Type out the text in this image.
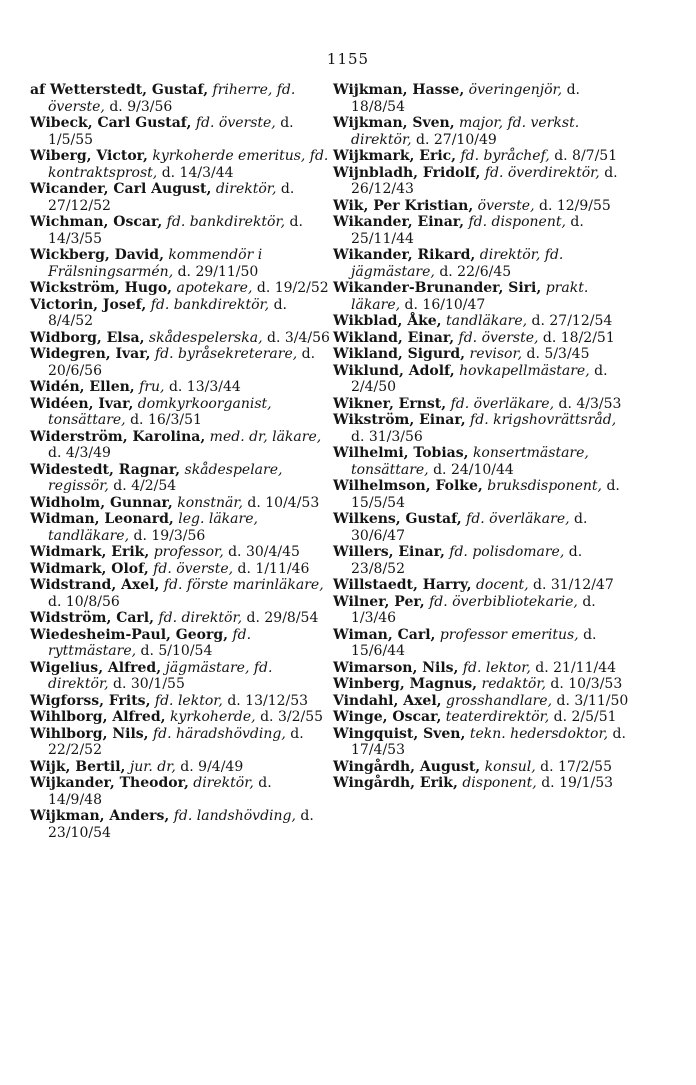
1155
af Wetterstedt, Gustaf, friherre, fd. överste, d. 9/3/56
Wibeck, Carl Gustaf, fd. överste, d. 1/5/55
Wiberg, Victor, kyrkoherde emeritus, fd. kontraktsprost, d. 14/3/44
Wicander, Carl August, direktör, d. 27/12/52
Wichman, Oscar, fd. bankdirektör, d. 14/3/55
Wickberg, David, kommendör i Frälsningsarmén, d. 29/11/50
Wickström, Hugo, apotekare, d. 19/2/52
Victorin, Josef, fd. bankdirektör, d. 8/4/52
Widborg, Elsa, skådespelerska, d. 3/4/56
Widegren, Ivar, fd. byråsekreterare, d. 20/6/56
Widén, Ellen, fru, d. 13/3/44
Widéen, Ivar, domkyrkoorganist, tonsättare, d. 16/3/51
Widerström, Karolina, med. dr, läkare, d. 4/3/49
Widestedt, Ragnar, skådespelare, regissör, d. 4/2/54
Widholm, Gunnar, konstnär, d. 10/4/53
Widman, Leonard, leg. läkare, tandläkare, d. 19/3/56
Widmark, Erik, professor, d. 30/4/45
Widmark, Olof, fd. överste, d. 1/11/46
Widstrand, Axel, fd. förste marinläkare, d. 10/8/56
Widström, Carl, fd. direktör, d. 29/8/54
Wiedesheim-Paul, Georg, fd. ryttmästare, d. 5/10/54
Wigelius, Alfred, jägmästare, fd. direktör, d. 30/1/55
Wigforss, Frits, fd. lektor, d. 13/12/53
Wihlborg, Alfred, kyrkoherde, d. 3/2/55
Wihlborg, Nils, fd. häradshövding, d. 22/2/52
Wijk, Bertil, jur. dr, d. 9/4/49
Wijkander, Theodor, direktör, d. 14/9/48
Wijkman, Anders, fd. landshövding, d. 23/10/54
Wijkman, Hasse, överingenjör, d. 18/8/54
Wijkman, Sven, major, fd. verkst. direktör, d. 27/10/49
Wijkmark, Eric, fd. byråchef, d. 8/7/51
Wijnbladh, Fridolf, fd. överdirektör, d. 26/12/43
Wik, Per Kristian, överste, d. 12/9/55
Wikander, Einar, fd. disponent, d. 25/11/44
Wikander, Rikard, direktör, fd. jägmästare, d. 22/6/45
Wikander-Brunander, Siri, prakt. läkare, d. 16/10/47
Wikblad, Åke, tandläkare, d. 27/12/54
Wikland, Einar, fd. överste, d. 18/2/51
Wikland, Sigurd, revisor, d. 5/3/45
Wiklund, Adolf, hovkapellmästare, d. 2/4/50
Wikner, Ernst, fd. överläkare, d. 4/3/53
Wikström, Einar, fd. krigshovrättsråd, d. 31/3/56
Wilhelmi, Tobias, konsertmästare, tonsättare, d. 24/10/44
Wilhelmson, Folke, bruksdisponent, d. 15/5/54
Wilkens, Gustaf, fd. överläkare, d. 30/6/47
Willers, Einar, fd. polisdomare, d. 23/8/52
Willstaedt, Harry, docent, d. 31/12/47
Wilner, Per, fd. överbibliotekarie, d. 1/3/46
Wiman, Carl, professor emeritus, d. 15/6/44
Wimarson, Nils, fd. lektor, d. 21/11/44
Winberg, Magnus, redaktör, d. 10/3/53
Vindahl, Axel, grosshandlare, d. 3/11/50
Winge, Oscar, teaterdirektör, d. 2/5/51
Wingquist, Sven, tekn. hedersdoktor, d. 17/4/53
Wingårdh, August, konsul, d. 17/2/55
Wingårdh, Erik, disponent, d. 19/1/53
